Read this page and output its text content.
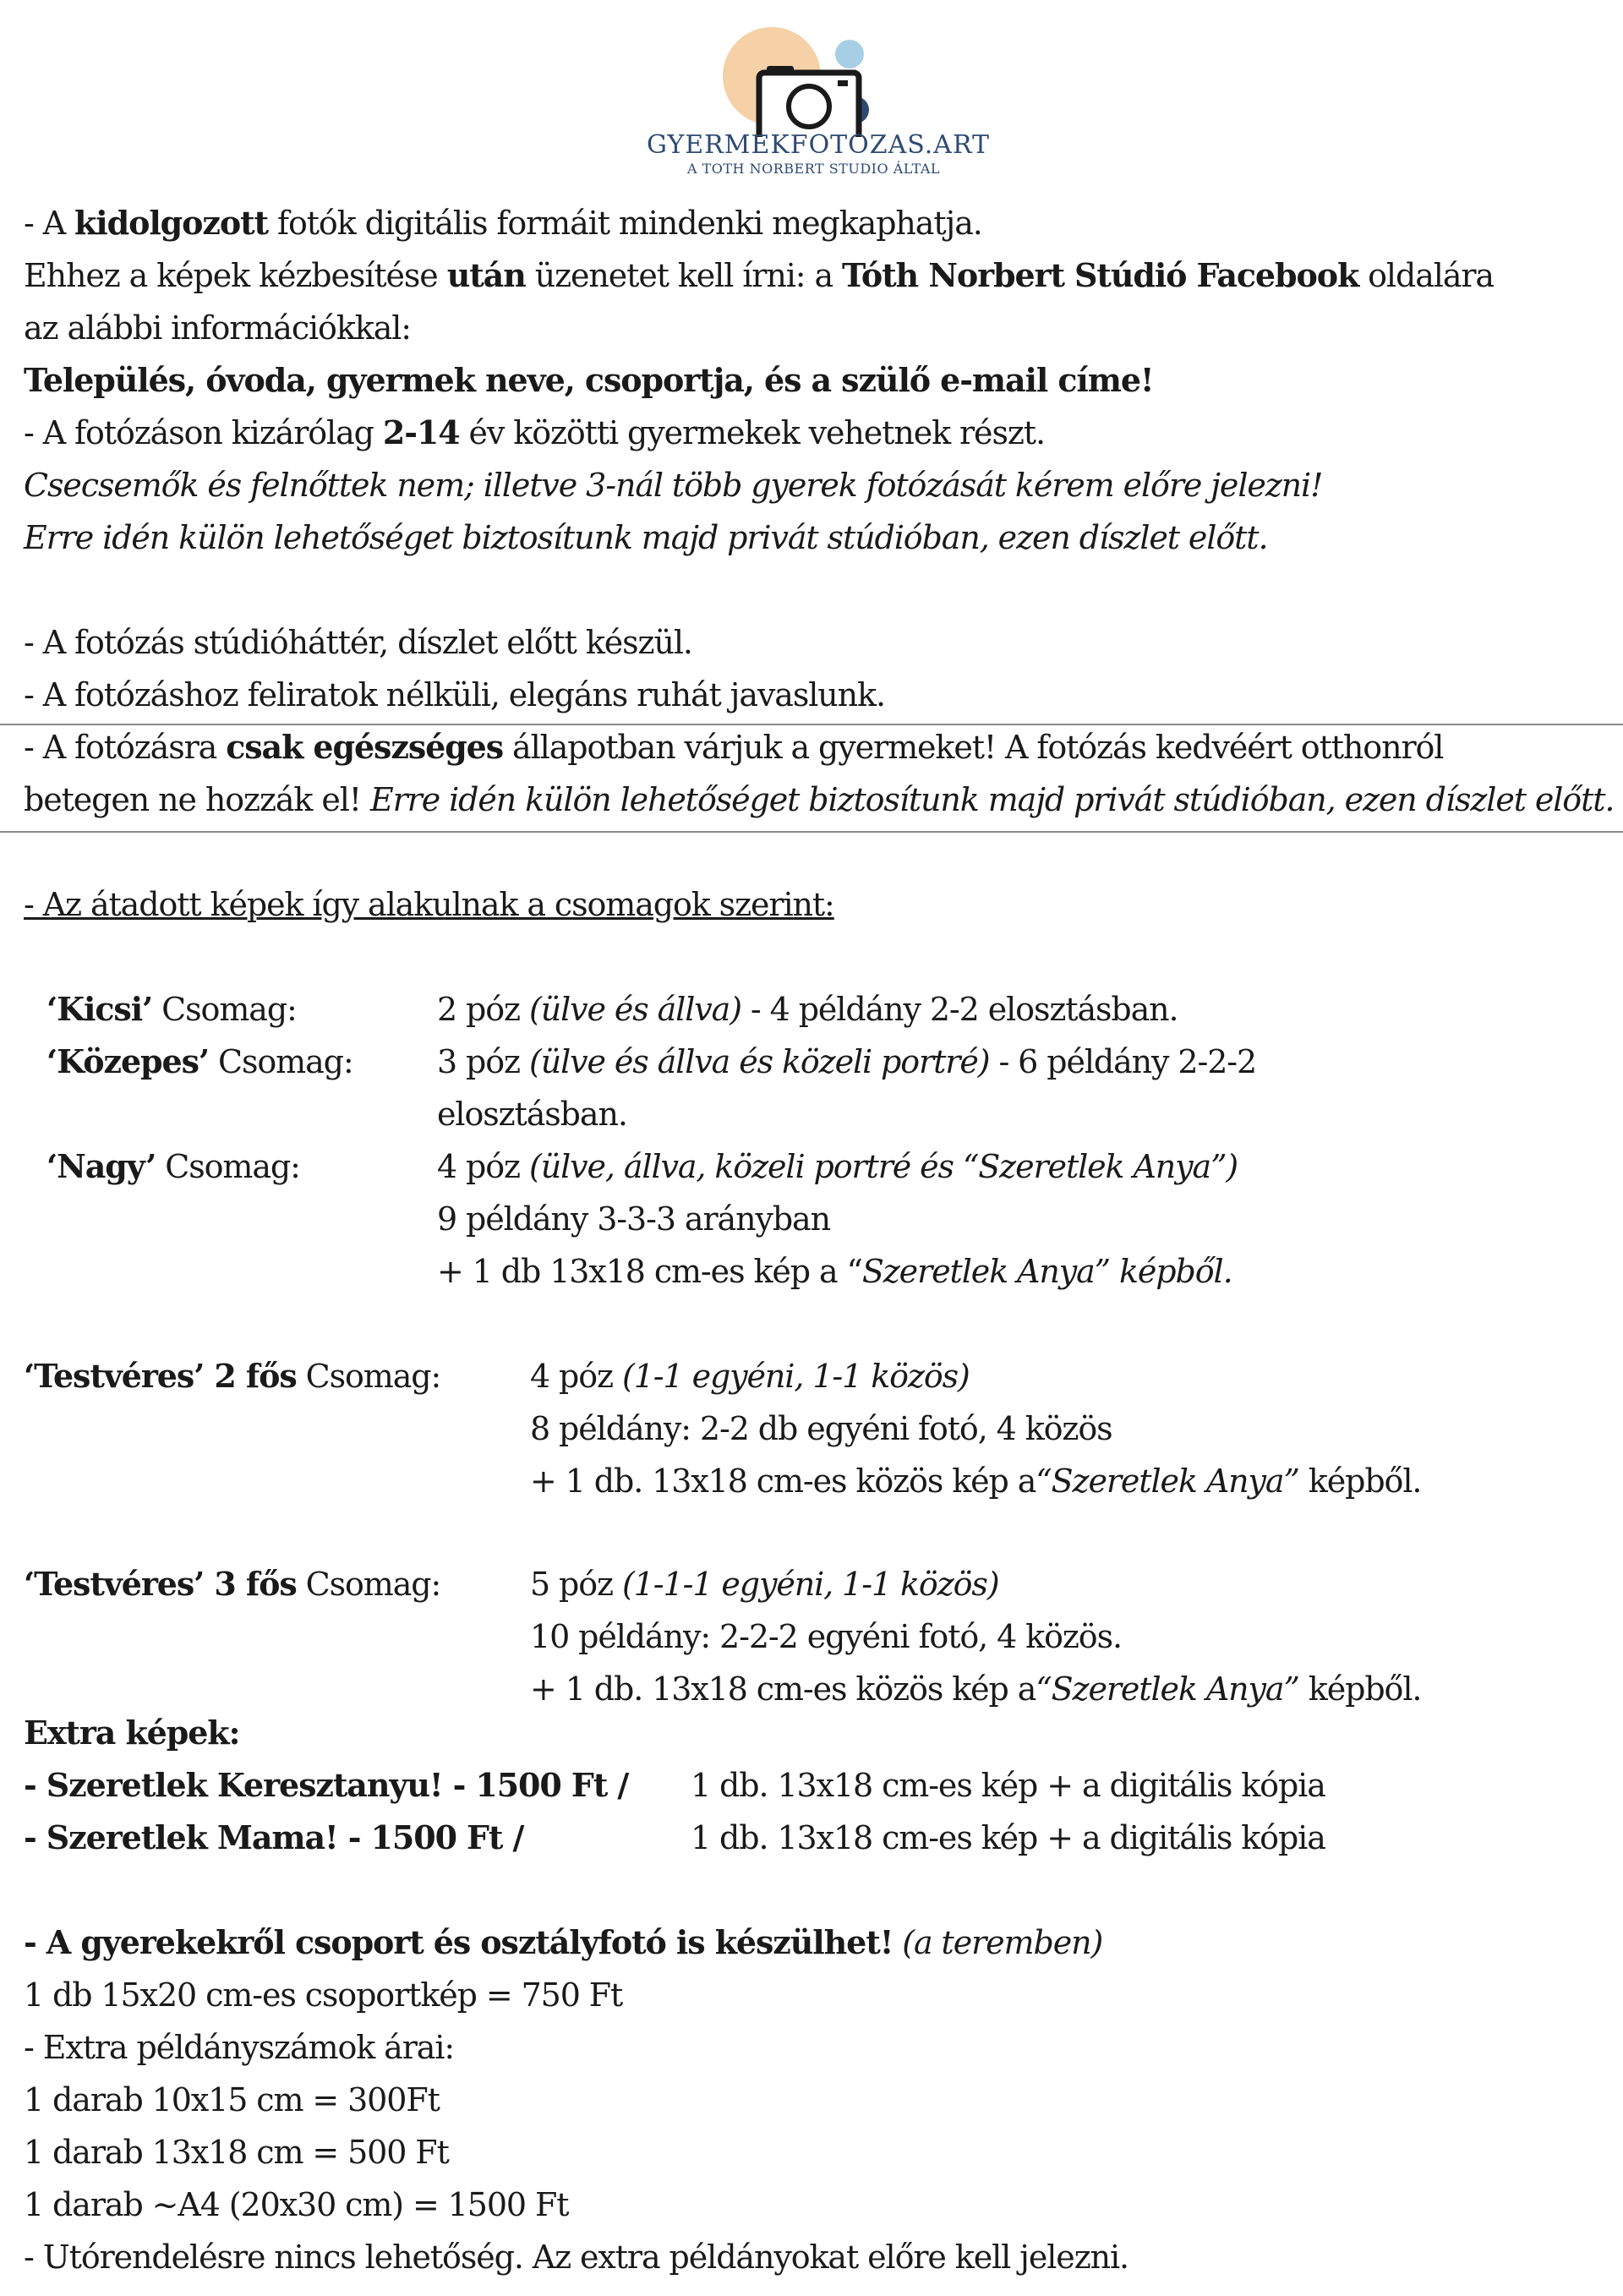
GYERMEKFOTOZAS.ART
A TOTH NORBERT STUDIO ÁLTAL
- A kidolgozott fotók digitális formáit mindenki megkaphatja.
Ehhez a képek kézbesítése után üzenetet kell írni: a Tóth Norbert Stúdió Facebook oldalára
az alábbi információkkal:
Település, óvoda, gyermek neve, csoportja, és a szülő e-mail címe!
- A fotózáson kizárólag 2-14 év közötti gyermekek vehetnek részt.
Csecsemők és felnőttek nem; illetve 3-nál több gyerek fotózását kérem előre jelezni!
Erre idén külön lehetőséget biztosítunk majd privát stúdióban, ezen díszlet előtt.
- A fotózás stúdióháttér, díszlet előtt készül.
- A fotózáshoz feliratok nélküli, elegáns ruhát javaslunk.
- A fotózásra csak egészséges állapotban várjuk a gyermeket! A fotózás kedvéért otthonról
betegen ne hozzák el! Erre idén külön lehetőséget biztosítunk majd privát stúdióban, ezen díszlet előtt.
- Az átadott képek így alakulnak a csomagok szerint:
‘Kicsi’ Csomag:	2 póz (ülve és állva) - 4 példány 2-2 elosztásban.
‘Közepes’ Csomag:	3 póz (ülve és állva és közeli portré) - 6 példány 2-2-2
elosztásban.
‘Nagy’ Csomag:	4 póz (ülve, állva, közeli portré és “Szeretlek Anya”)
9 példány 3-3-3 arányban
+ 1 db 13x18 cm-es kép a “Szeretlek Anya” képből.
‘Testvéres’ 2 fős Csomag:	4 póz (1-1 egyéni, 1-1 közös)
8 példány: 2-2 db egyéni fotó, 4 közös
+ 1 db. 13x18 cm-es közös kép a“Szeretlek Anya” képből.
‘Testvéres’ 3 fős Csomag:	5 póz (1-1-1 egyéni, 1-1 közös)
10 példány: 2-2-2 egyéni fotó, 4 közös.
+ 1 db. 13x18 cm-es közös kép a“Szeretlek Anya” képből.
Extra képek:
- Szeretlek Keresztanyu! - 1500 Ft / 1 db. 13x18 cm-es kép + a digitális kópia
- Szeretlek Mama! - 1500 Ft /	1 db. 13x18 cm-es kép + a digitális kópia
- A gyerekekről csoport és osztályfotó is készülhet! (a teremben)
1 db 15x20 cm-es csoportkép = 750 Ft
- Extra példányszámok árai:
1 darab 10x15 cm = 300Ft
1 darab 13x18 cm = 500 Ft
1 darab ~A4 (20x30 cm) = 1500 Ft
- Utórendelésre nincs lehetőség. Az extra példányokat előre kell jelezni.
